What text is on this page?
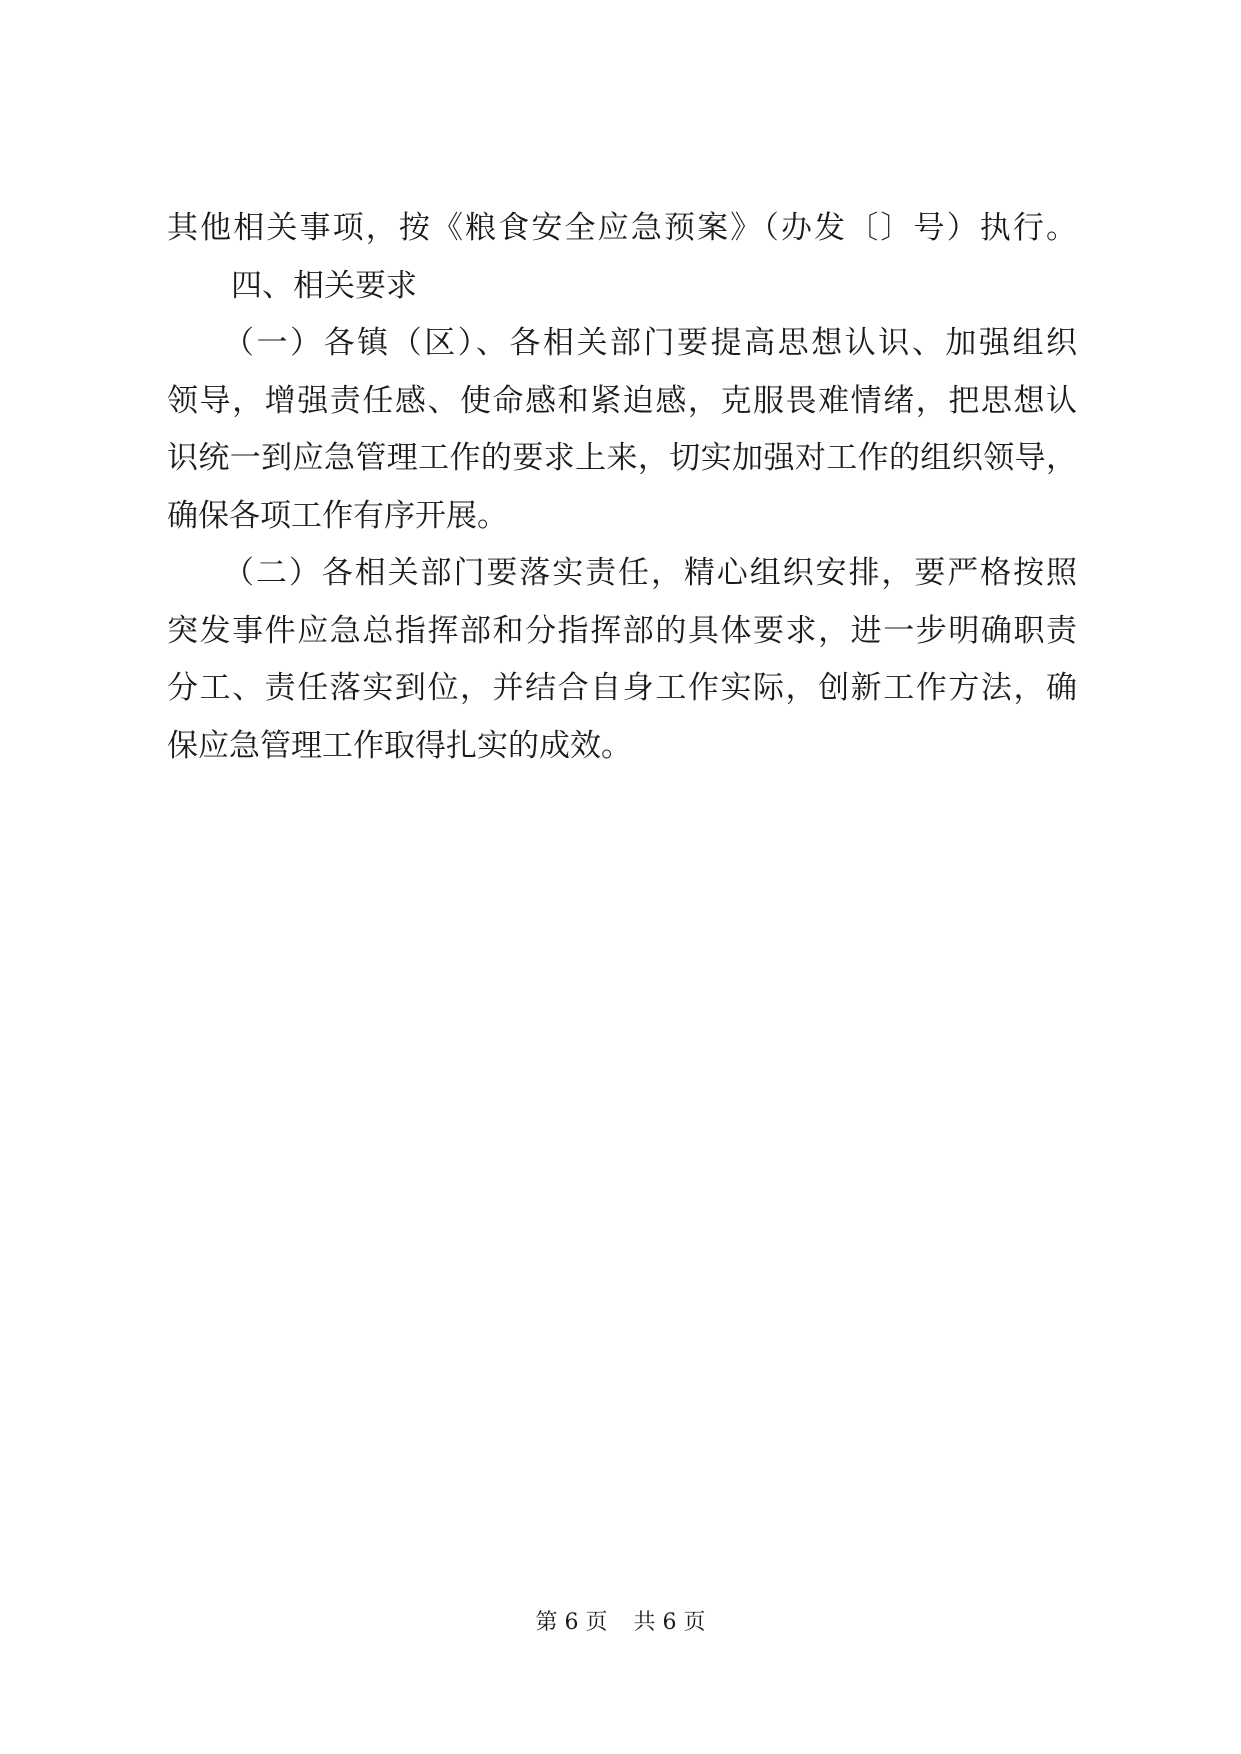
其他相关事项，按《粮食安全应急预案》（办发〔〕号）执行。
四、相关要求
（一）各镇（区）、各相关部门要提高思想认识、加强组织
领导，增强责任感、使命感和紧迫感，克服畏难情绪，把思想认
识统一到应急管理工作的要求上来，切实加强对工作的组织领导，
确保各项工作有序开展。
（二）各相关部门要落实责任，精心组织安排，要严格按照
突发事件应急总指挥部和分指挥部的具体要求，进一步明确职责
分工、责任落实到位，并结合自身工作实际，创新工作方法，确
保应急管理工作取得扎实的成效。
第 6 页 共 6 页
